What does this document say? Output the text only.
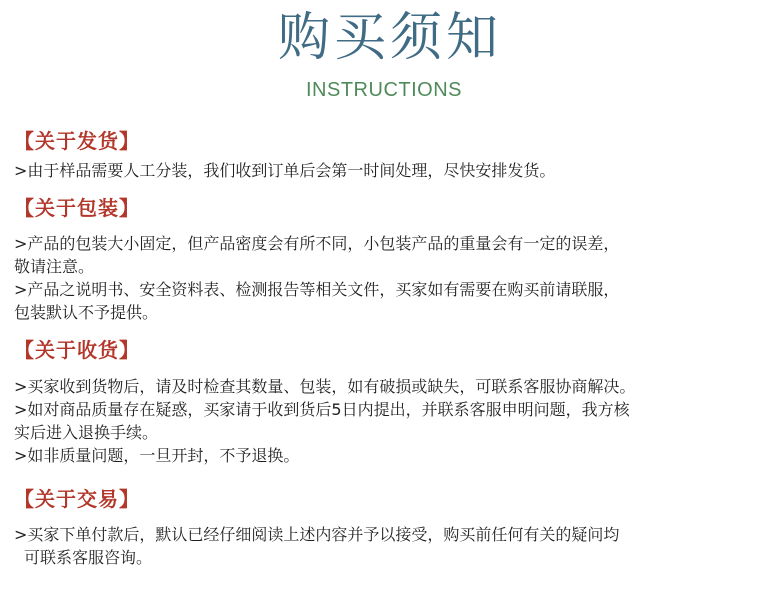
购买须知
INSTRUCTIONS
【关于发货】

>由于样品需要人工分装，我们收到订单后会第一时间处理，尽快安排发货。

【关于包装】

>产品的包装大小固定，但产品密度会有所不同，小包装产品的重量会有一定的误差，

敬请注意。

>产品之说明书、安全资料表、检测报告等相关文件，买家如有需要在购买前请联服，

包装默认不予提供。

【关于收货】

>买家收到货物后，请及时检查其数量、包装，如有破损或缺失，可联系客服协商解决。

>如对商品质量存在疑惑，买家请于收到货后5日内提出，并联系客服申明问题，我方核

实后进入退换手续。

>如非质量问题，一旦开封，不予退换。

【关于交易】

>买家下单付款后，默认已经仔细阅读上述内容并予以接受，购买前任何有关的疑问均

可联系客服咨询。
